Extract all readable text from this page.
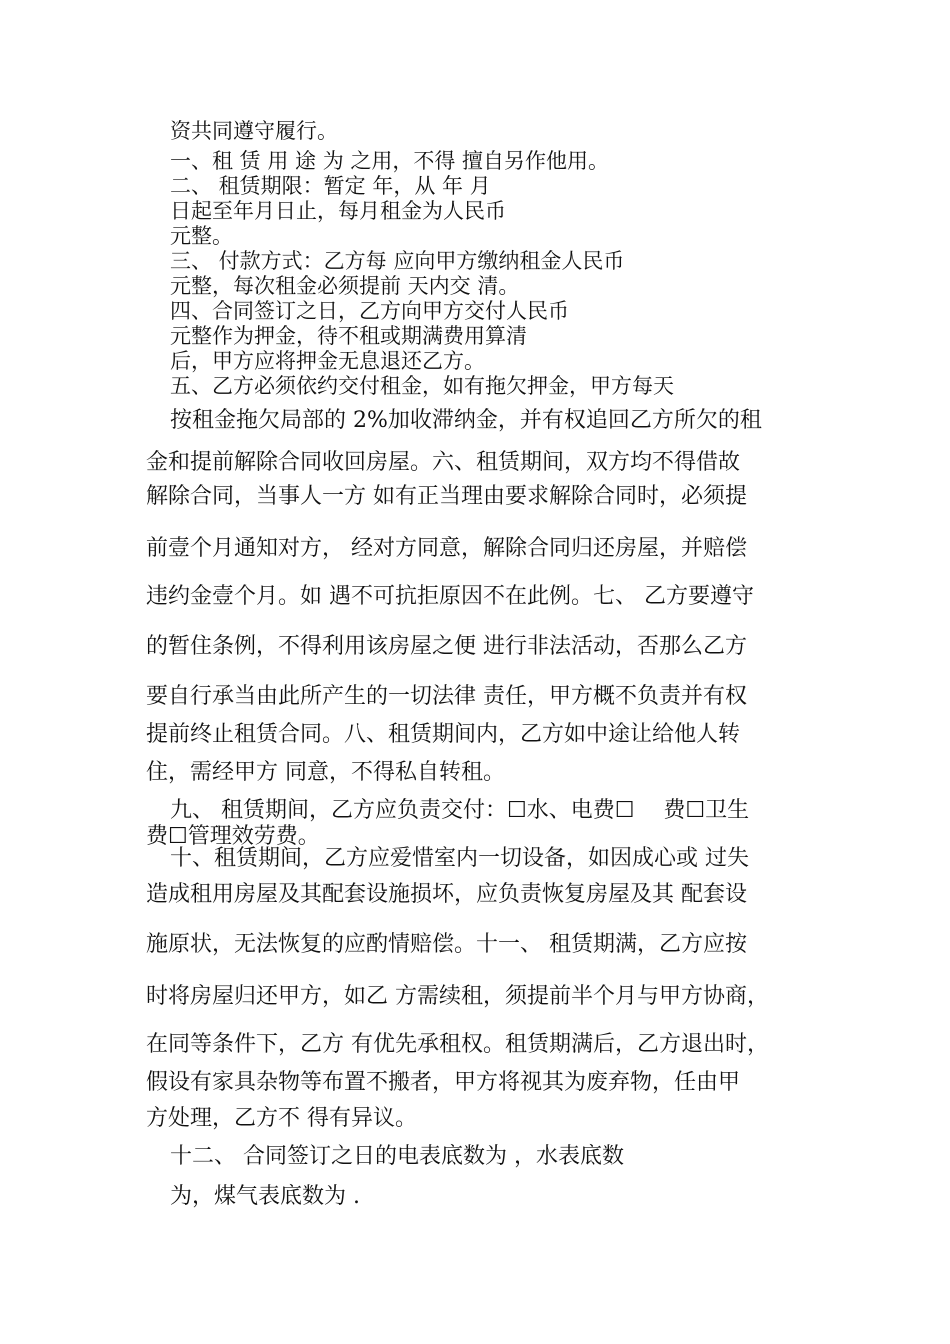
资共同遵守履行。

一、租 赁 用 途 为 之用，不得 擅自另作他用。

二、 租赁期限：暂定 年，从 年 月

日起至年月日止，每月租金为人民币

元整。

三、 付款方式：乙方每 应向甲方缴纳租金人民币

元整，每次租金必须提前 天内交 清。

四、合同签订之日，乙方向甲方交付人民币

元整作为押金，待不租或期满费用算清

后，甲方应将押金无息退还乙方。

五、乙方必须依约交付租金，如有拖欠押金，甲方每天

按租金拖欠局部的 2%加收滞纳金，并有权追回乙方所欠的租

金和提前解除合同收回房屋。六、租赁期间，双方均不得借故

解除合同，当事人一方 如有正当理由要求解除合同时，必须提

前壹个月通知对方， 经对方同意，解除合同归还房屋，并赔偿

违约金壹个月。如 遇不可抗拒原因不在此例。七、 乙方要遵守

的暂住条例，不得利用该房屋之便 进行非法活动，否那么乙方

要自行承当由此所产生的一切法律 责任，甲方概不负责并有权

提前终止租赁合同。八、租赁期间内，乙方如中途让给他人转

住，需经甲方 同意，不得私自转租。

九、 租赁期间，乙方应负责交付：☐水、电费☐　 费☐卫生

费☐管理效劳费。

十、租赁期间，乙方应爱惜室内一切设备，如因成心或 过失

造成租用房屋及其配套设施损坏，应负责恢复房屋及其 配套设

施原状，无法恢复的应酌情赔偿。十一、 租赁期满，乙方应按

时将房屋归还甲方，如乙 方需续租，须提前半个月与甲方协商，

在同等条件下，乙方 有优先承租权。租赁期满后，乙方退出时，

假设有家具杂物等布置不搬者，甲方将视其为废弃物，任由甲

方处理，乙方不 得有异议。

十二、 合同签订之日的电表底数为 ，水表底数

为，煤气表底数为 .
